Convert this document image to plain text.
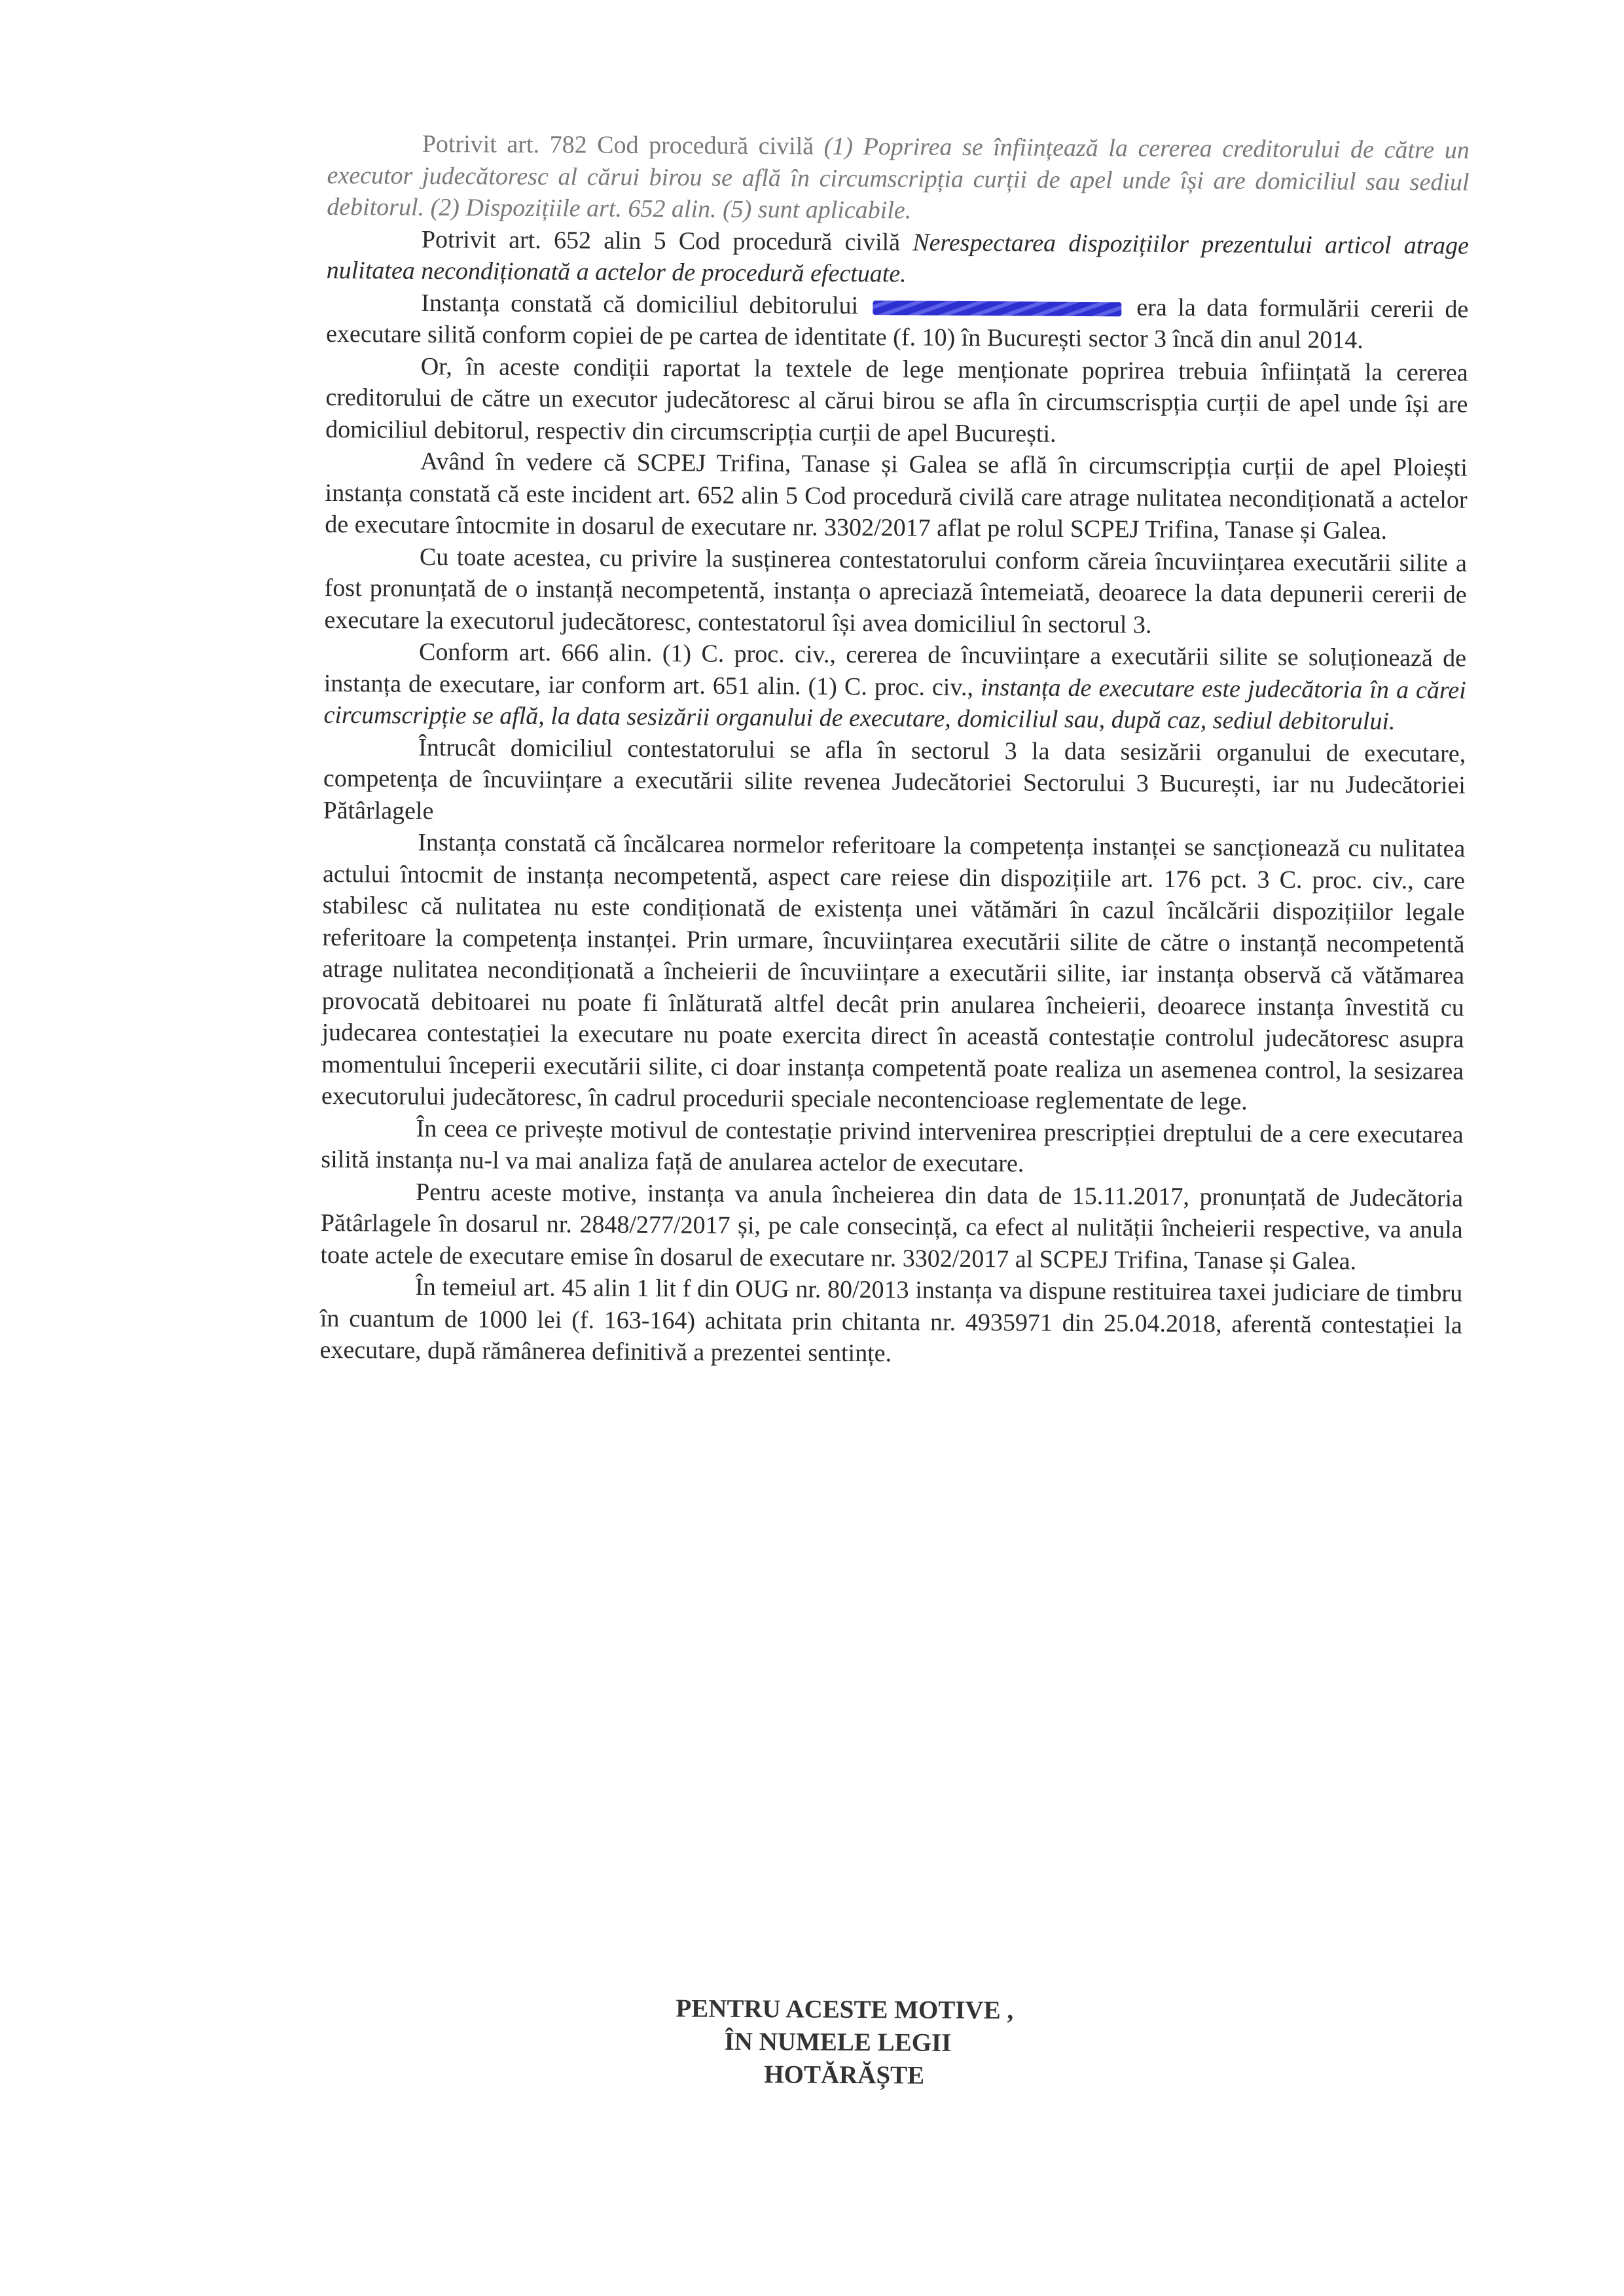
Potrivit art. 782 Cod procedură civilă (1) Poprirea se înființează la cererea creditorului de către un executor judecătoresc al cărui birou se află în circumscripția curții de apel unde își are domiciliul sau sediul debitorul. (2) Dispozițiile art. 652 alin. (5) sunt aplicabile.

Potrivit art. 652 alin 5 Cod procedură civilă Nerespectarea dispozițiilor prezentului articol atrage nulitatea necondiționată a actelor de procedură efectuate.

Instanța constată că domiciliul debitorului	era la data formulării cererii de executare silită conform copiei de pe cartea de identitate (f. 10) în București sector 3 încă din anul 2014.

Or, în aceste condiții raportat la textele de lege menționate poprirea trebuia înființată la cererea creditorului de către un executor judecătoresc al cărui birou se afla în circumscrispția curții de apel unde își are domiciliul debitorul, respectiv din circumscripția curții de apel București.

Având în vedere că SCPEJ Trifina, Tanase și Galea se află în circumscripția curții de apel Ploiești instanța constată că este incident art. 652 alin 5 Cod procedură civilă care atrage nulitatea necondiționată a actelor de executare întocmite in dosarul de executare nr. 3302/2017 aflat pe rolul SCPEJ Trifina, Tanase și Galea.

Cu toate acestea, cu privire la susținerea contestatorului conform căreia încuviințarea executării silite a fost pronunțată de o instanță necompetentă, instanța o apreciază întemeiată, deoarece la data depunerii cererii de executare la executorul judecătoresc, contestatorul își avea domiciliul în sectorul 3.

Conform art. 666 alin. (1) C. proc. civ., cererea de încuviințare a executării silite se soluționează de instanța de executare, iar conform art. 651 alin. (1) C. proc. civ., instanța de executare este judecătoria în a cărei circumscripție se află, la data sesizării organului de executare, domiciliul sau, după caz, sediul debitorului.

Întrucât domiciliul contestatorului se afla în sectorul 3 la data sesizării organului de executare, competența de încuviințare a executării silite revenea Judecătoriei Sectorului 3 București, iar nu Judecătoriei Pătârlagele

Instanța constată că încălcarea normelor referitoare la competența instanței se sancționează cu nulitatea actului întocmit de instanța necompetentă, aspect care reiese din dispozițiile art. 176 pct. 3 C. proc. civ., care stabilesc că nulitatea nu este condiționată de existența unei vătămări în cazul încălcării dispozițiilor legale referitoare la competența instanței. Prin urmare, încuviințarea executării silite de către o instanță necompetentă atrage nulitatea necondiționată a încheierii de încuviințare a executării silite, iar instanța observă că vătămarea provocată debitoarei nu poate fi înlăturată altfel decât prin anularea încheierii, deoarece instanța învestită cu judecarea contestației la executare nu poate exercita direct în această contestație controlul judecătoresc asupra momentului începerii executării silite, ci doar instanța competentă poate realiza un asemenea control, la sesizarea executorului judecătoresc, în cadrul procedurii speciale necontencioase reglementate de lege.

În ceea ce privește motivul de contestație privind intervenirea prescripției dreptului de a cere executarea silită instanța nu-l va mai analiza față de anularea actelor de executare.

Pentru aceste motive, instanța va anula încheierea din data de 15.11.2017, pronunțată de Judecătoria Pătârlagele în dosarul nr. 2848/277/2017 și, pe cale consecință, ca efect al nulității încheierii respective, va anula toate actele de executare emise în dosarul de executare nr. 3302/2017 al SCPEJ Trifina, Tanase și Galea.

În temeiul art. 45 alin 1 lit f din OUG nr. 80/2013 instanța va dispune restituirea taxei judiciare de timbru în cuantum de 1000 lei (f. 163-164) achitata prin chitanta nr. 4935971 din 25.04.2018, aferentă contestației la executare, după rămânerea definitivă a prezentei sentințe.

PENTRU ACESTE MOTIVE ,
ÎN NUMELE LEGII
HOTĂRĂȘTE
